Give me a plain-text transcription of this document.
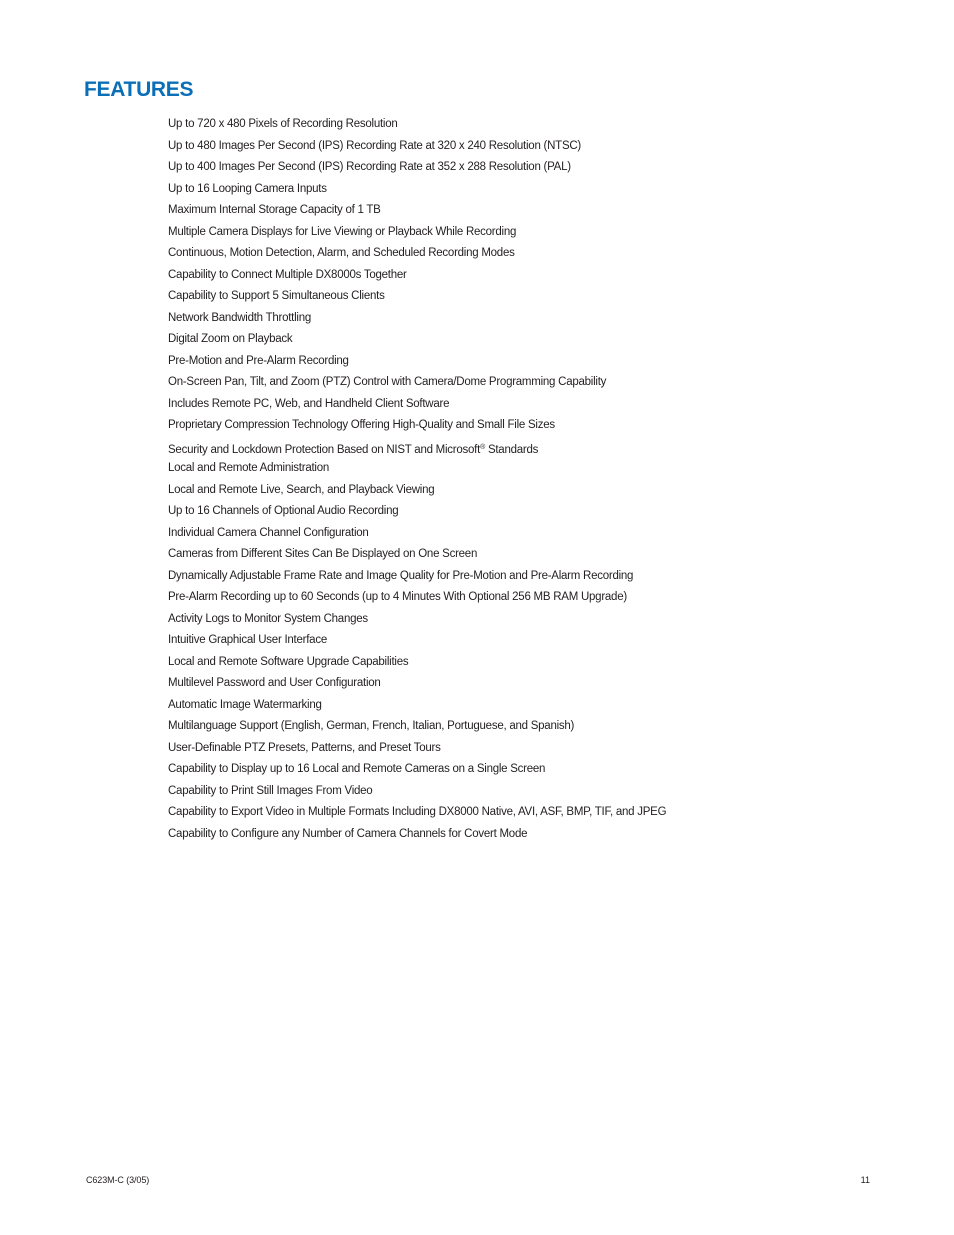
FEATURES
Up to 720 x 480 Pixels of Recording Resolution
Up to 480 Images Per Second (IPS) Recording Rate at 320 x 240 Resolution (NTSC)
Up to 400 Images Per Second (IPS) Recording Rate at 352 x 288 Resolution (PAL)
Up to 16 Looping Camera Inputs
Maximum Internal Storage Capacity of 1 TB
Multiple Camera Displays for Live Viewing or Playback While Recording
Continuous, Motion Detection, Alarm, and Scheduled Recording Modes
Capability to Connect Multiple DX8000s Together
Capability to Support 5 Simultaneous Clients
Network Bandwidth Throttling
Digital Zoom on Playback
Pre-Motion and Pre-Alarm Recording
On-Screen Pan, Tilt, and Zoom (PTZ) Control with Camera/Dome Programming Capability
Includes Remote PC, Web, and Handheld Client Software
Proprietary Compression Technology Offering High-Quality and Small File Sizes
Security and Lockdown Protection Based on NIST and Microsoft® Standards
Local and Remote Administration
Local and Remote Live, Search, and Playback Viewing
Up to 16 Channels of Optional Audio Recording
Individual Camera Channel Configuration
Cameras from Different Sites Can Be Displayed on One Screen
Dynamically Adjustable Frame Rate and Image Quality for Pre-Motion and Pre-Alarm Recording
Pre-Alarm Recording up to 60 Seconds (up to 4 Minutes With Optional 256 MB RAM Upgrade)
Activity Logs to Monitor System Changes
Intuitive Graphical User Interface
Local and Remote Software Upgrade Capabilities
Multilevel Password and User Configuration
Automatic Image Watermarking
Multilanguage Support (English, German, French, Italian, Portuguese, and Spanish)
User-Definable PTZ Presets, Patterns, and Preset Tours
Capability to Display up to 16 Local and Remote Cameras on a Single Screen
Capability to Print Still Images From Video
Capability to Export Video in Multiple Formats Including DX8000 Native, AVI, ASF, BMP, TIF, and JPEG
Capability to Configure any Number of Camera Channels for Covert Mode
C623M-C (3/05)	11
